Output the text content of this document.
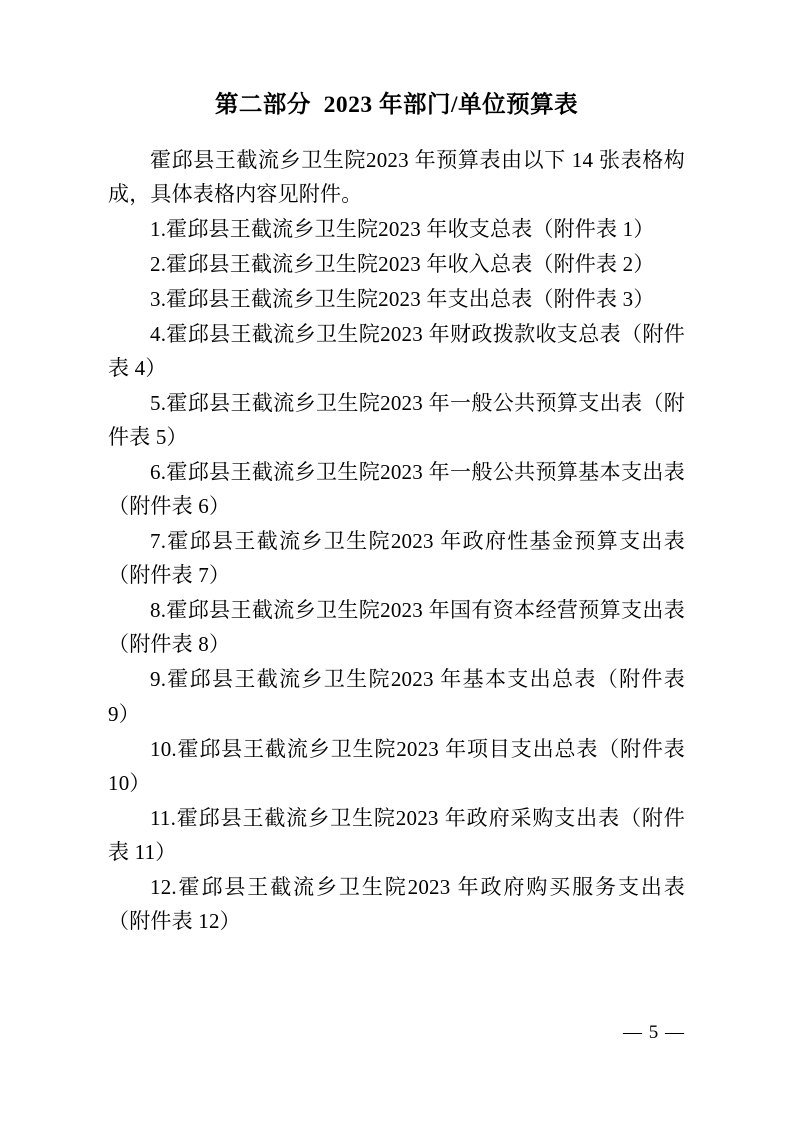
第二部分  2023 年部门/单位预算表

霍邱县王截流乡卫生院2023 年预算表由以下 14 张表格构成，具体表格内容见附件。

1.霍邱县王截流乡卫生院2023 年收支总表（附件表 1）

2.霍邱县王截流乡卫生院2023 年收入总表（附件表 2）

3.霍邱县王截流乡卫生院2023 年支出总表（附件表 3）

4.霍邱县王截流乡卫生院2023 年财政拨款收支总表（附件表 4）

5.霍邱县王截流乡卫生院2023 年一般公共预算支出表（附件表 5）

6.霍邱县王截流乡卫生院2023 年一般公共预算基本支出表（附件表 6）

7.霍邱县王截流乡卫生院2023 年政府性基金预算支出表（附件表 7）

8.霍邱县王截流乡卫生院2023 年国有资本经营预算支出表（附件表 8）

9.霍邱县王截流乡卫生院2023 年基本支出总表（附件表 9）

10.霍邱县王截流乡卫生院2023 年项目支出总表（附件表 10）

11.霍邱县王截流乡卫生院2023 年政府采购支出表（附件表 11）

12.霍邱县王截流乡卫生院2023 年政府购买服务支出表（附件表 12）

— 5 —
